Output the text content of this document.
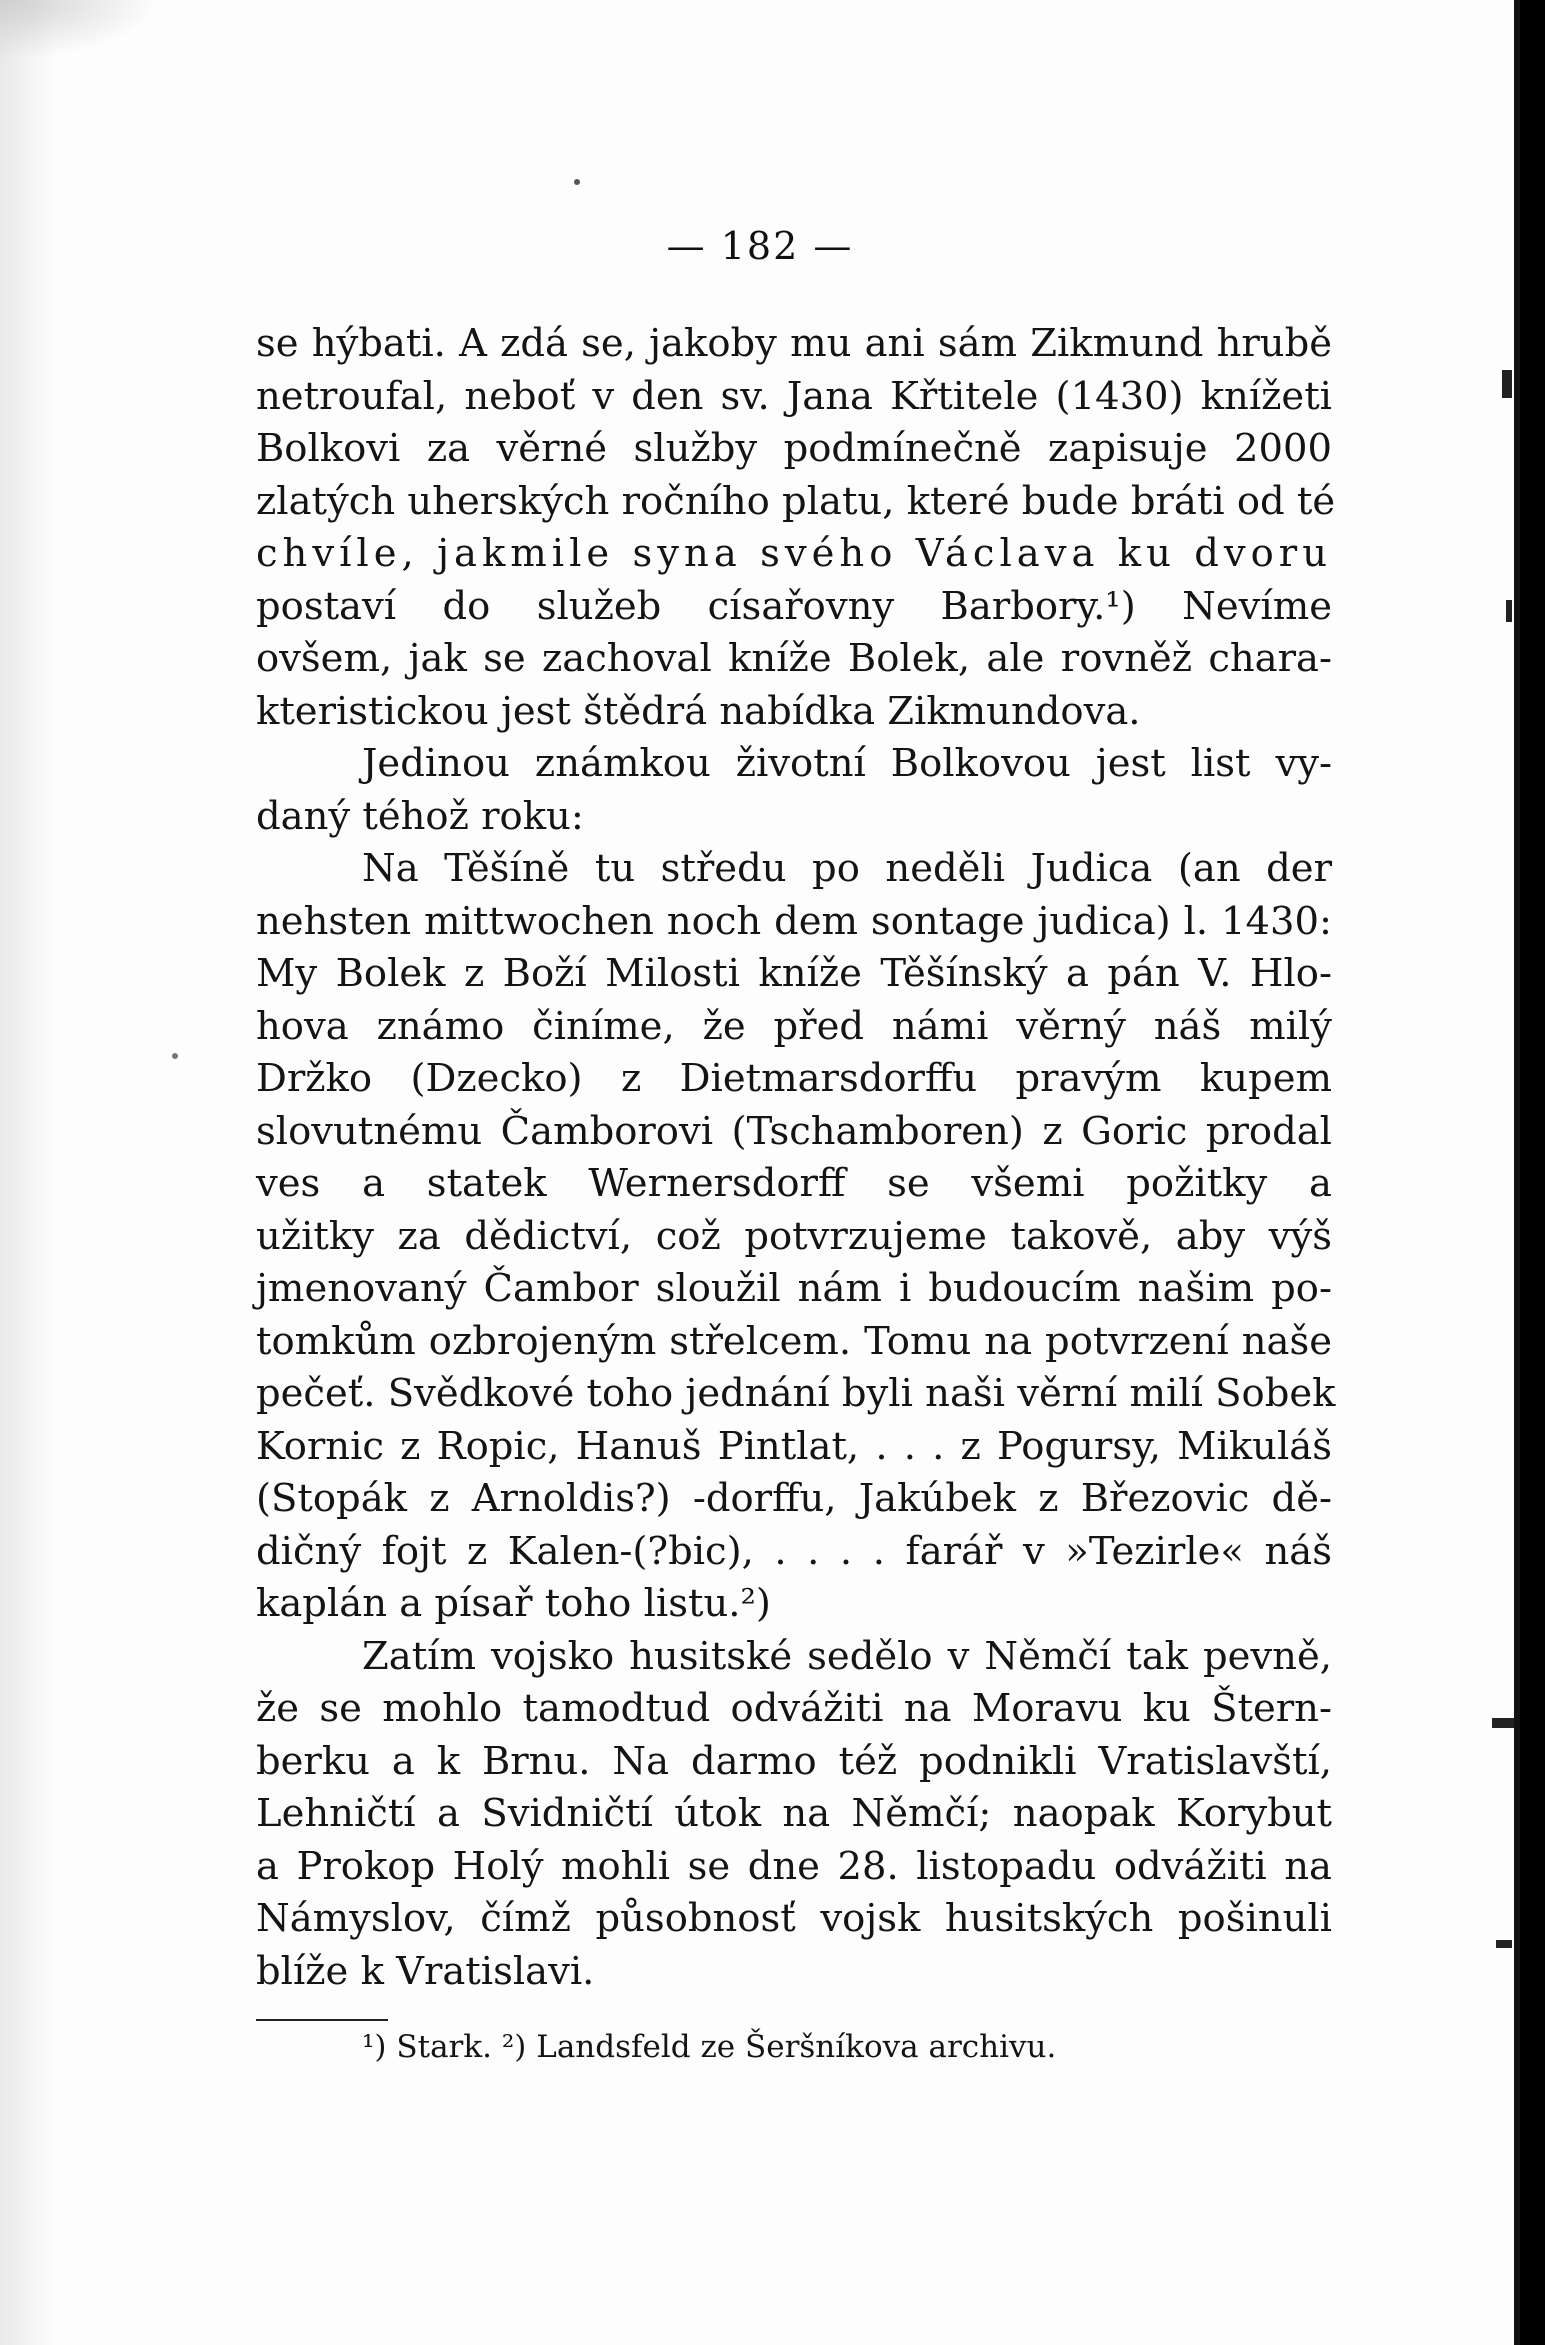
— 182 —
se hýbati. A zdá se, jakoby mu ani sám Zikmund hrubě
netroufal, neboť v den sv. Jana Křtitele (1430) knížeti
Bolkovi za věrné služby podmínečně zapisuje 2000
zlatých uherských ročního platu, které bude bráti od té
chvíle, jakmile syna svého Václava ku dvoru
postaví do služeb císařovny Barbory.¹) Nevíme
ovšem, jak se zachoval kníže Bolek, ale rovněž chara-
kteristickou jest štědrá nabídka Zikmundova.
Jedinou známkou životní Bolkovou jest list vy-
daný téhož roku:
Na Těšíně tu středu po neděli Judica (an der
nehsten mittwochen noch dem sontage judica) l. 1430:
My Bolek z Boží Milosti kníže Těšínský a pán V. Hlo-
hova známo činíme, že před námi věrný náš milý
Držko (Dzecko) z Dietmarsdorffu pravým kupem
slovutnému Čamborovi (Tschamboren) z Goric prodal
ves a statek Wernersdorff se všemi požitky a
užitky za dědictví, což potvrzujeme takově, aby výš
jmenovaný Čambor sloužil nám i budoucím našim po-
tomkům ozbrojeným střelcem. Tomu na potvrzení naše
pečeť. Svědkové toho jednání byli naši věrní milí Sobek
Kornic z Ropic, Hanuš Pintlat, . . . z Pogursy, Mikuláš
(Stopák z Arnoldis?) -dorffu, Jakúbek z Březovic dě-
dičný fojt z Kalen-(?bic), . . . . farář v »Tezirle« náš
kaplán a písař toho listu.²)
Zatím vojsko husitské sedělo v Němčí tak pevně,
že se mohlo tamodtud odvážiti na Moravu ku Štern-
berku a k Brnu. Na darmo též podnikli Vratislavští,
Lehničtí a Svidničtí útok na Němčí; naopak Korybut
a Prokop Holý mohli se dne 28. listopadu odvážiti na
Námyslov, čímž působnosť vojsk husitských pošinuli
blíže k Vratislavi.
¹) Stark. ²) Landsfeld ze Šeršníkova archivu.
